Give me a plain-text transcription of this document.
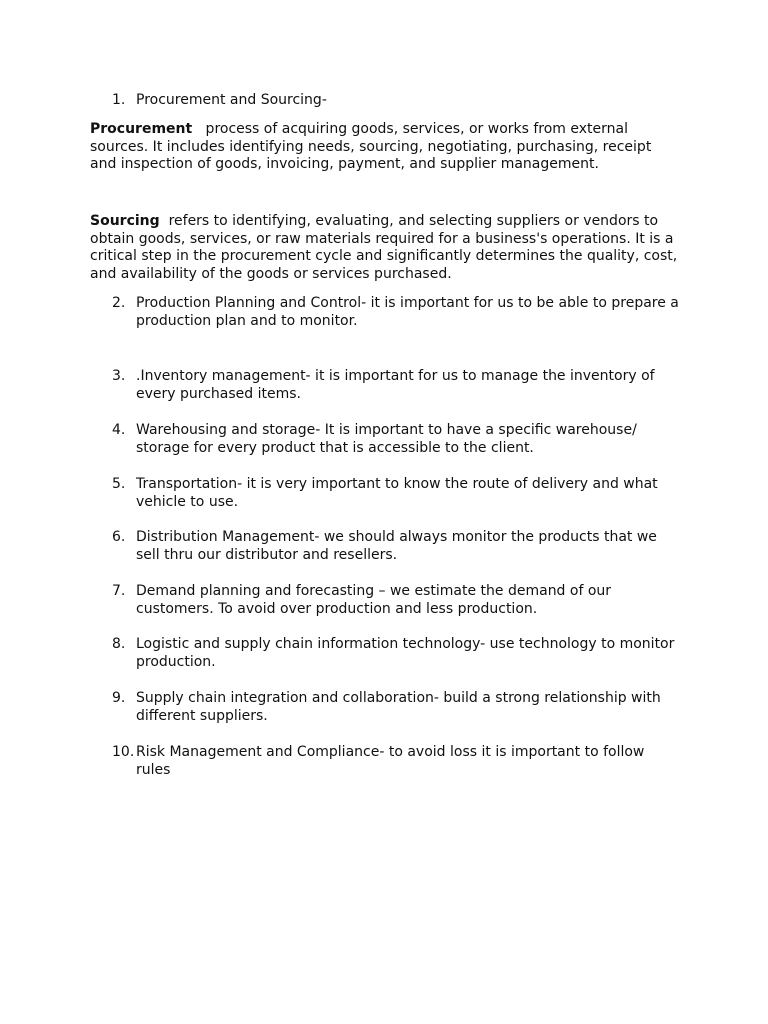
1. Procurement and Sourcing-
Procurement   process of acquiring goods, services, or works from external sources. It includes identifying needs, sourcing, negotiating, purchasing, receipt and inspection of goods, invoicing, payment, and supplier management.
Sourcing  refers to identifying, evaluating, and selecting suppliers or vendors to obtain goods, services, or raw materials required for a business's operations. It is a critical step in the procurement cycle and significantly determines the quality, cost, and availability of the goods or services purchased.
2. Production Planning and Control- it is important for us to be able to prepare a production plan and to monitor.
3. .Inventory management- it is important for us to manage the inventory of every purchased items.
4. Warehousing and storage- It is important to have a specific warehouse/ storage for every product that is accessible to the client.
5. Transportation- it is very important to know the route of delivery and what vehicle to use.
6. Distribution Management- we should always monitor the products that we sell thru our distributor and resellers.
7. Demand planning and forecasting – we estimate the demand of our customers. To avoid over production and less production.
8. Logistic and supply chain information technology- use technology to monitor production.
9. Supply chain integration and collaboration- build a strong relationship with different suppliers.
10. Risk Management and Compliance- to avoid loss it is important to follow rules
